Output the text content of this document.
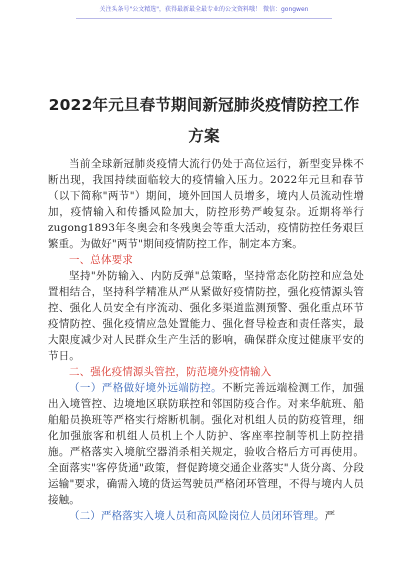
关注头条号"公文精选"，获得最新最全最专业的公文资料哦！ 微信：gongwen
2022年元旦春节期间新冠肺炎疫情防控工作
方案

当前全球新冠肺炎疫情大流行仍处于高位运行，新型变异株不断出现，我国持续面临较大的疫情输入压力。2022年元旦和春节（以下简称"两节"）期间，境外回国人员增多，境内人员流动性增加，疫情输入和传播风险加大，防控形势严峻复杂。近期将举行zugong1893年冬奥会和冬残奥会等重大活动，疫情防控任务艰巨繁重。为做好"两节"期间疫情防控工作，制定本方案。

一、总体要求

坚持"外防输入、内防反弹"总策略，坚持常态化防控和应急处置相结合，坚持科学精准从严从紧做好疫情防控，强化疫情源头管控、强化人员安全有序流动、强化多渠道监测预警、强化重点环节疫情防控、强化疫情应急处置能力、强化督导检查和责任落实，最大限度减少对人民群众生产生活的影响，确保群众度过健康平安的节日。

二、强化疫情源头管控，防范境外疫情输入

（一）严格做好境外远端防控。不断完善远端检测工作，加强出入境管控、边境地区联防联控和邻国防疫合作。对来华航班、船舶船员换班等严格实行熔断机制。强化对机组人员的防疫管理，细化加强旅客和机组人员机上个人防护、客座率控制等机上防控措施。严格落实入境航空器消杀相关规定，验收合格后方可再使用。全面落实"客停货通"政策，督促跨境交通企业落实"人货分离、分段运输"要求，确需入境的货运驾驶员严格闭环管理，不得与境内人员接触。

（二）严格落实入境人员和高风险岗位人员闭环管理。严
